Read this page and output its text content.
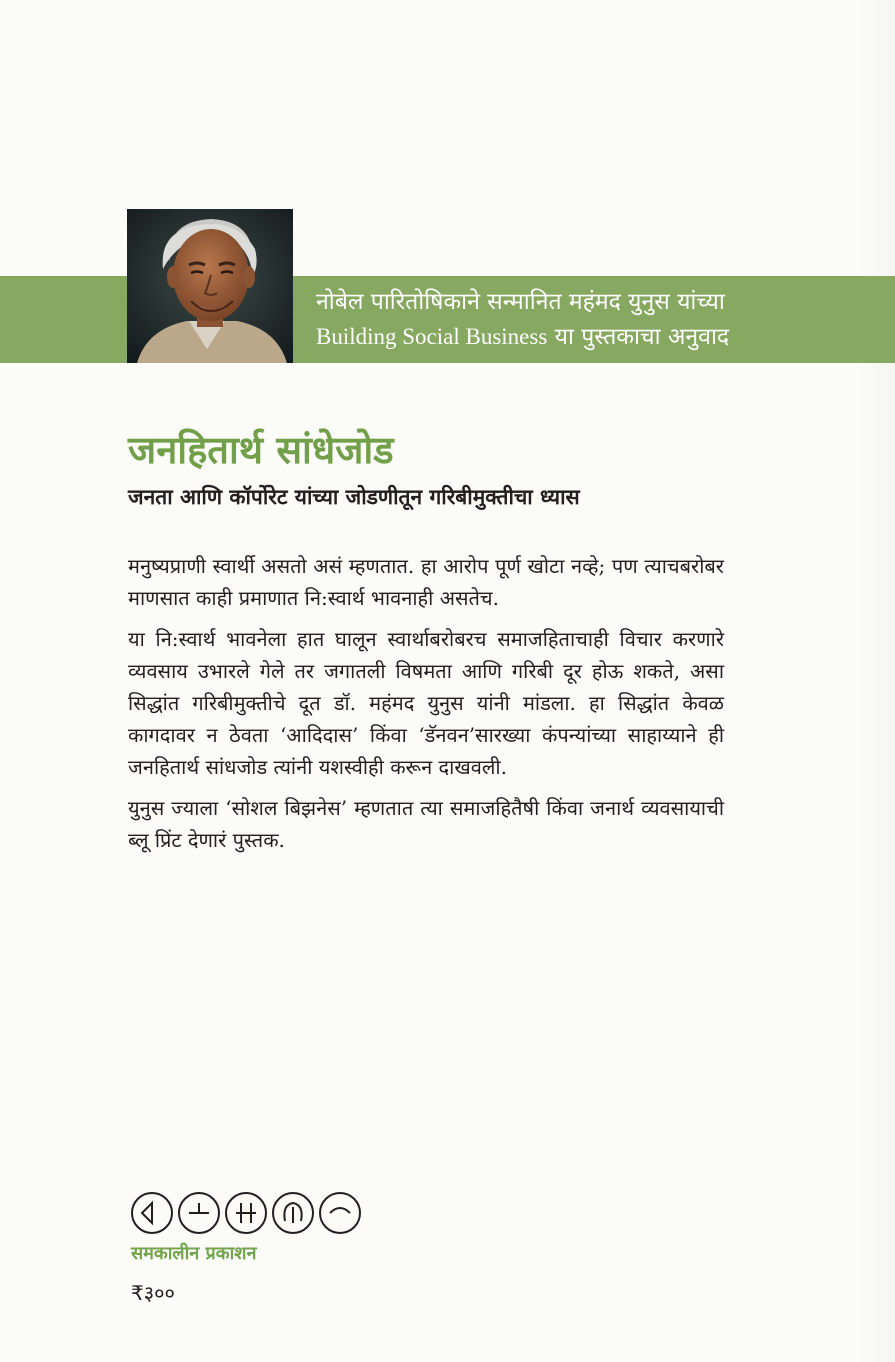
नोबेल पारितोषिकाने सन्मानित महंमद युनुस यांच्या
Building Social Business या पुस्तकाचा अनुवाद
जनहितार्थ सांधेजोड
जनता आणि कॉर्पोरेट यांच्या जोडणीतून गरिबीमुक्तीचा ध्यास

मनुष्यप्राणी स्वार्थी असतो असं म्हणतात. हा आरोप पूर्ण खोटा नव्हे; पण त्याचबरोबर माणसात काही प्रमाणात नि:स्वार्थ भावनाही असतेच.

या नि:स्वार्थ भावनेला हात घालून स्वार्थाबरोबरच समाजहिताचाही विचार करणारे व्यवसाय उभारले गेले तर जगातली विषमता आणि गरिबी दूर होऊ शकते, असा सिद्धांत गरिबीमुक्तीचे दूत डॉ. महंमद युनुस यांनी मांडला. हा सिद्धांत केवळ कागदावर न ठेवता ‘आदिदास’ किंवा ‘डॅनवन’सारख्या कंपन्यांच्या साहाय्याने ही जनहितार्थ सांधजोड त्यांनी यशस्वीही करून दाखवली.

युनुस ज्याला ‘सोशल बिझनेस’ म्हणतात त्या समाजहितैषी किंवा जनार्थ व्यवसायाची ब्लू प्रिंट देणारं पुस्तक.

समकालीन प्रकाशन
₹३००
